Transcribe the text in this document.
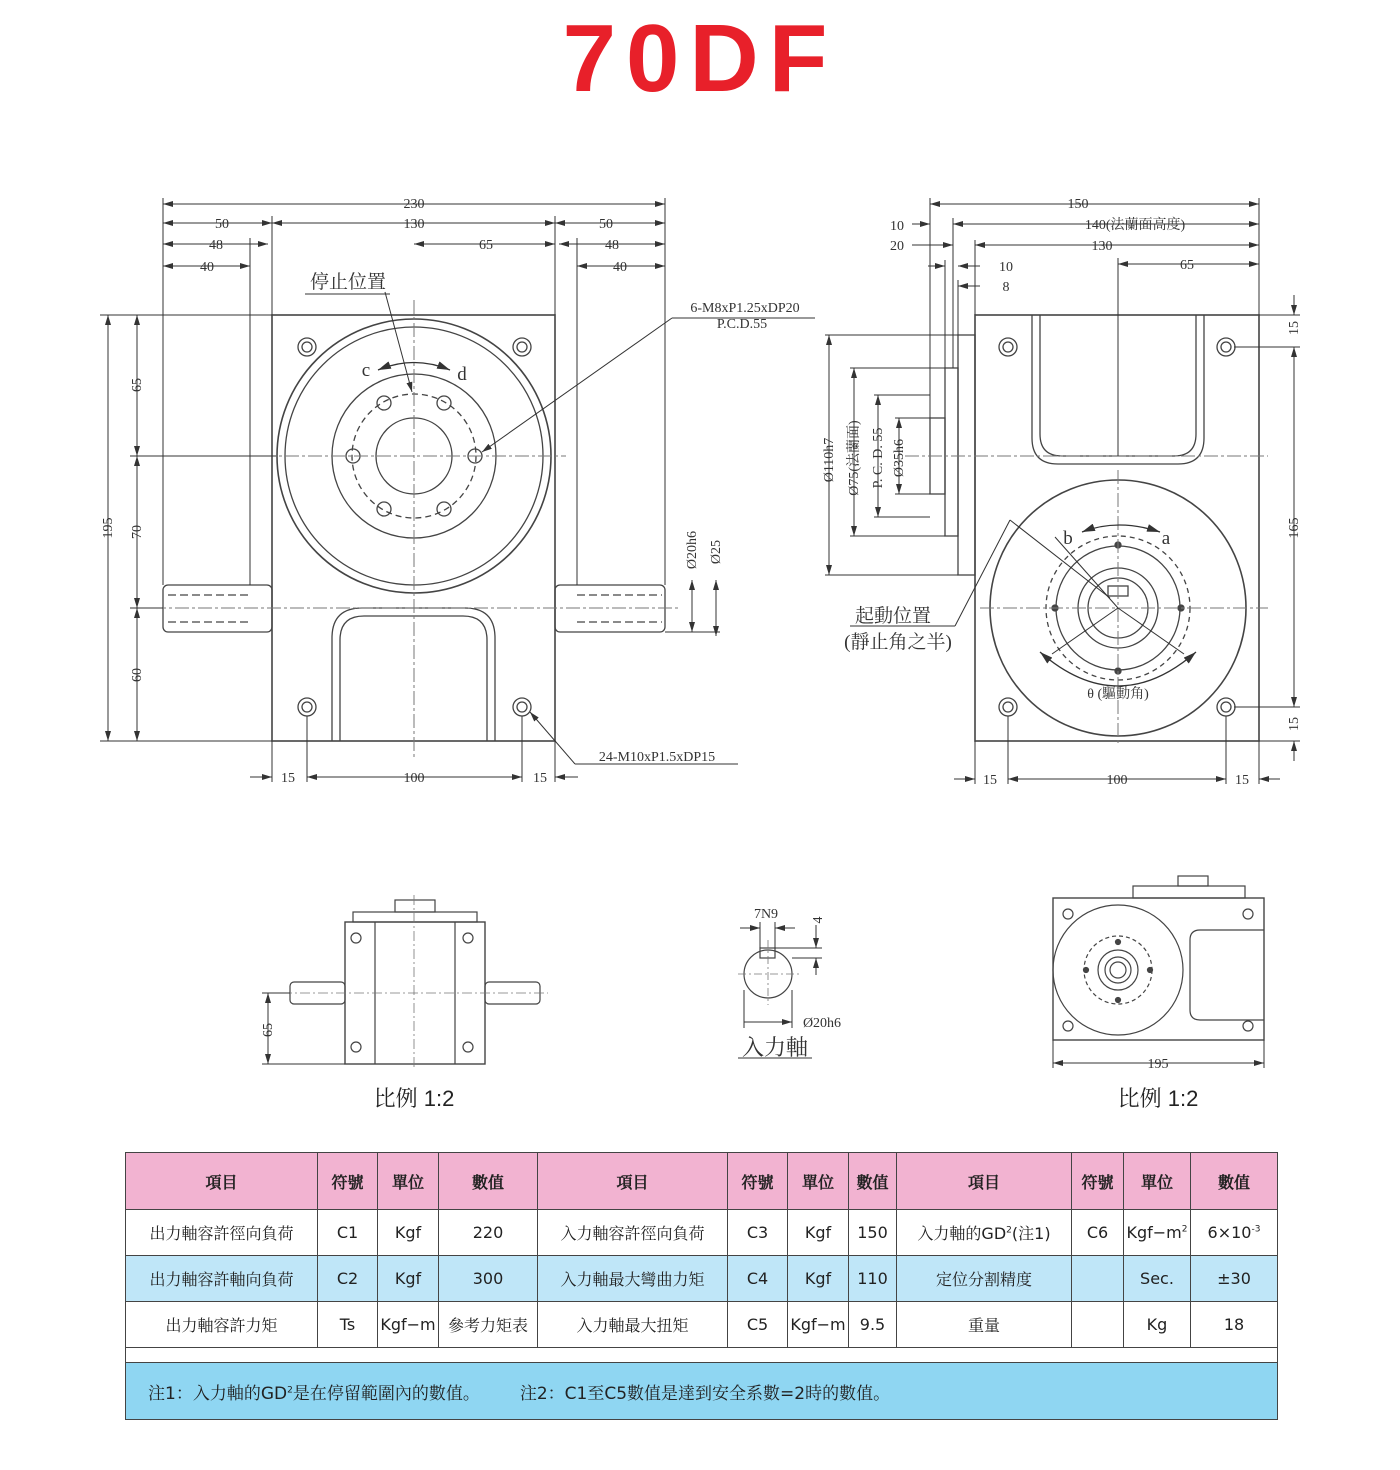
70DF
230
50	130	50
48	65	48
40	40
195
65
70
60
Ø20h6 Ø25
15	100	15
停止位置
c	d
6-M8xP1.25xDP20
P.C.D.55
24-M10xP1.5xDP15
150
140(法蘭面高度)
130
65
10
20
10
8
Ø110h7 Ø75(法蘭面) P. C. D. 55 Ø35h6
15
165
15
15	100	15
起動位置
(靜止角之半)
θ (驅動角)
a
b
65
比例 1:2
7N9 4
Ø20h6
入力軸
195
比例 1:2
項目	符號	單位	數值	項目	符號	單位	數值	項目	符號	單位	數值
出力軸容許徑向負荷	C1	Kgf	220	入力軸容許徑向負荷	C3	Kgf	150	入力軸的$GD^2$(注1)	C6	$Kgf-m^2$	$6\times 10^{-3}$
出力軸容許軸向負荷	C2	Kgf	300	入力軸最大彎曲力矩	C4	Kgf	110	定位分割精度		Sec.	±30
出力軸容許力矩	Ts	Kgf−m	參考力矩表	入力軸最大扭矩	C5	Kgf−m	9.5	重量		Kg	18

注1：入力軸的$GD^2$是在停留範圍內的數值。 注2：C1至C5數值是達到安全系數=2時的數值。											
